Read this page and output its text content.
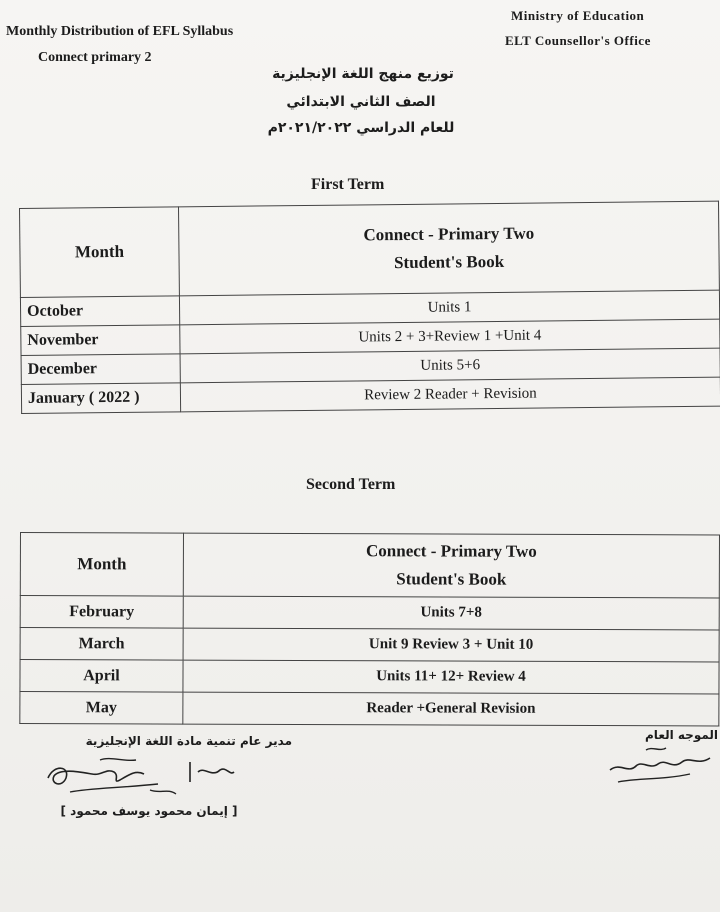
Monthly Distribution of EFL Syllabus
Connect primary 2
Ministry of Education
ELT Counsellor's Office
توزيع منهج اللغة الإنجليزية
الصف الثاني الابتدائي
للعام الدراسي ٢٠٢١/٢٠٢٢م
First Term
Month	Connect - Primary Two
Student's Book

October	Units 1
November	Units 2 + 3+Review 1 +Unit 4
December	Units 5+6
January ( 2022 )	Review 2 Reader + Revision
Second Term
Month	Connect - Primary Two
Student's Book

February	Units 7+8
March	Unit 9 Review 3 + Unit 10
April	Units 11+ 12+ Review 4
May	Reader +General Revision
مدير عام تنمية مادة اللغة الإنجليزية	الموجه العام
[ إيمان محمود يوسف محمود ]
